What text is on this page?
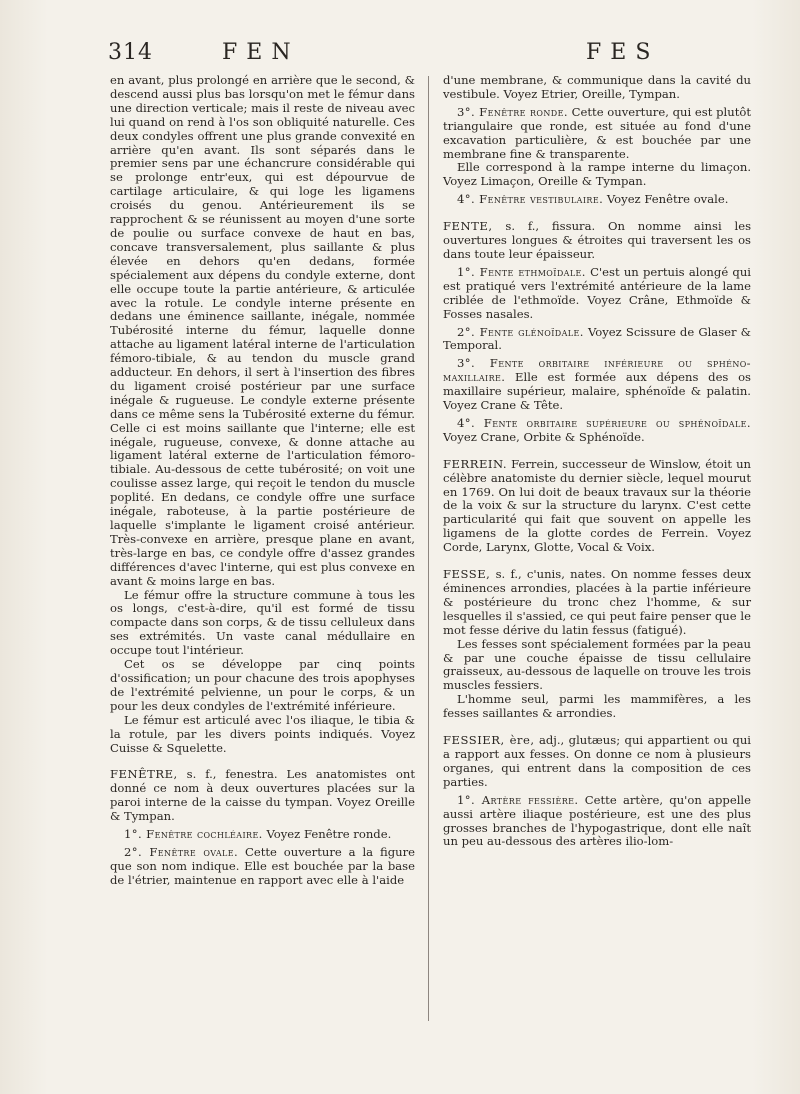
314	FEN	FES

en avant, plus prolongé en arrière que le second, & descend aussi plus bas lorsqu'on met le fémur dans une direction verticale; mais il reste de niveau avec lui quand on rend à l'os son obliquité naturelle. Ces deux condyles offrent une plus grande convexité en arrière qu'en avant. Ils sont séparés dans le premier sens par une échancrure considérable qui se prolonge entr'eux, qui est dépourvue de cartilage articulaire, & qui loge les ligamens croisés du genou. Antérieurement ils se rapprochent & se réunissent au moyen d'une sorte de poulie ou surface convexe de haut en bas, concave transversalement, plus saillante & plus élevée en dehors qu'en dedans, formée spécialement aux dépens du condyle externe, dont elle occupe toute la partie antérieure, & articulée avec la rotule. Le condyle interne présente en dedans une éminence saillante, inégale, nommée Tubérosité interne du fémur, laquelle donne attache au ligament latéral interne de l'articulation fémoro-tibiale, & au tendon du muscle grand adducteur. En dehors, il sert à l'insertion des fibres du ligament croisé postérieur par une surface inégale & rugueuse. Le condyle externe présente dans ce même sens la Tubérosité externe du fémur. Celle ci est moins saillante que l'interne; elle est inégale, rugueuse, convexe, & donne attache au ligament latéral externe de l'articulation fémoro-tibiale. Au-dessous de cette tubérosité; on voit une coulisse assez large, qui reçoit le tendon du muscle poplité. En dedans, ce condyle offre une surface inégale, raboteuse, à la partie postérieure de laquelle s'implante le ligament croisé antérieur. Très-convexe en arrière, presque plane en avant, très-large en bas, ce condyle offre d'assez grandes différences d'avec l'interne, qui est plus convexe en avant & moins large en bas.

Le fémur offre la structure commune à tous les os longs, c'est-à-dire, qu'il est formé de tissu compacte dans son corps, & de tissu celluleux dans ses extrémités. Un vaste canal médullaire en occupe tout l'intérieur.

Cet os se développe par cinq points d'ossification; un pour chacune des trois apophyses de l'extrémité pelvienne, un pour le corps, & un pour les deux condyles de l'extrémité inférieure.

Le fémur est articulé avec l'os iliaque, le tibia & la rotule, par les divers points indiqués. Voyez Cuisse & Squelette.

FENÊTRE, s. f., fenestra. Les anatomistes ont donné ce nom à deux ouvertures placées sur la paroi interne de la caisse du tympan. Voyez Oreille & Tympan.

1°. Fenêtre cochléaire. Voyez Fenêtre ronde.

2°. Fenêtre ovale. Cette ouverture a la figure que son nom indique. Elle est bouchée par la base de l'étrier, maintenue en rapport avec elle à l'aide

d'une membrane, & communique dans la cavité du vestibule. Voyez Etrier, Oreille, Tympan.

3°. Fenêtre ronde. Cette ouverture, qui est plutôt triangulaire que ronde, est située au fond d'une excavation particulière, & est bouchée par une membrane fine & transparente.

Elle correspond à la rampe interne du limaçon. Voyez Limaçon, Oreille & Tympan.

4°. Fenêtre vestibulaire. Voyez Fenêtre ovale.

FENTE, s. f., fissura. On nomme ainsi les ouvertures longues & étroites qui traversent les os dans toute leur épaisseur.

1°. Fente ethmoïdale. C'est un pertuis alongé qui est pratiqué vers l'extrémité antérieure de la lame criblée de l'ethmoïde. Voyez Crâne, Ethmoïde & Fosses nasales.

2°. Fente glénoïdale. Voyez Scissure de Glaser & Temporal.

3°. Fente orbitaire inférieure ou sphéno-maxillaire. Elle est formée aux dépens des os maxillaire supérieur, malaire, sphénoïde & palatin. Voyez Crane & Tête.

4°. Fente orbitaire supérieure ou sphénoïdale. Voyez Crane, Orbite & Sphénoïde.

FERREIN. Ferrein, successeur de Winslow, étoit un célèbre anatomiste du dernier siècle, lequel mourut en 1769. On lui doit de beaux travaux sur la théorie de la voix & sur la structure du larynx. C'est cette particularité qui fait que souvent on appelle les ligamens de la glotte cordes de Ferrein. Voyez Corde, Larynx, Glotte, Vocal & Voix.

FESSE, s. f., c'unis, nates. On nomme fesses deux éminences arrondies, placées à la partie inférieure & postérieure du tronc chez l'homme, & sur lesquelles il s'assied, ce qui peut faire penser que le mot fesse dérive du latin fessus (fatigué).

Les fesses sont spécialement formées par la peau & par une couche épaisse de tissu cellulaire graisseux, au-dessous de laquelle on trouve les trois muscles fessiers.

L'homme seul, parmi les mammifères, a les fesses saillantes & arrondies.

FESSIER, ère, adj., glutæus; qui appartient ou qui a rapport aux fesses. On donne ce nom à plusieurs organes, qui entrent dans la composition de ces parties.

1°. Artère fessière. Cette artère, qu'on appelle aussi artère iliaque postérieure, est une des plus grosses branches de l'hypogastrique, dont elle naît un peu au-dessous des artères ilio-lom-
